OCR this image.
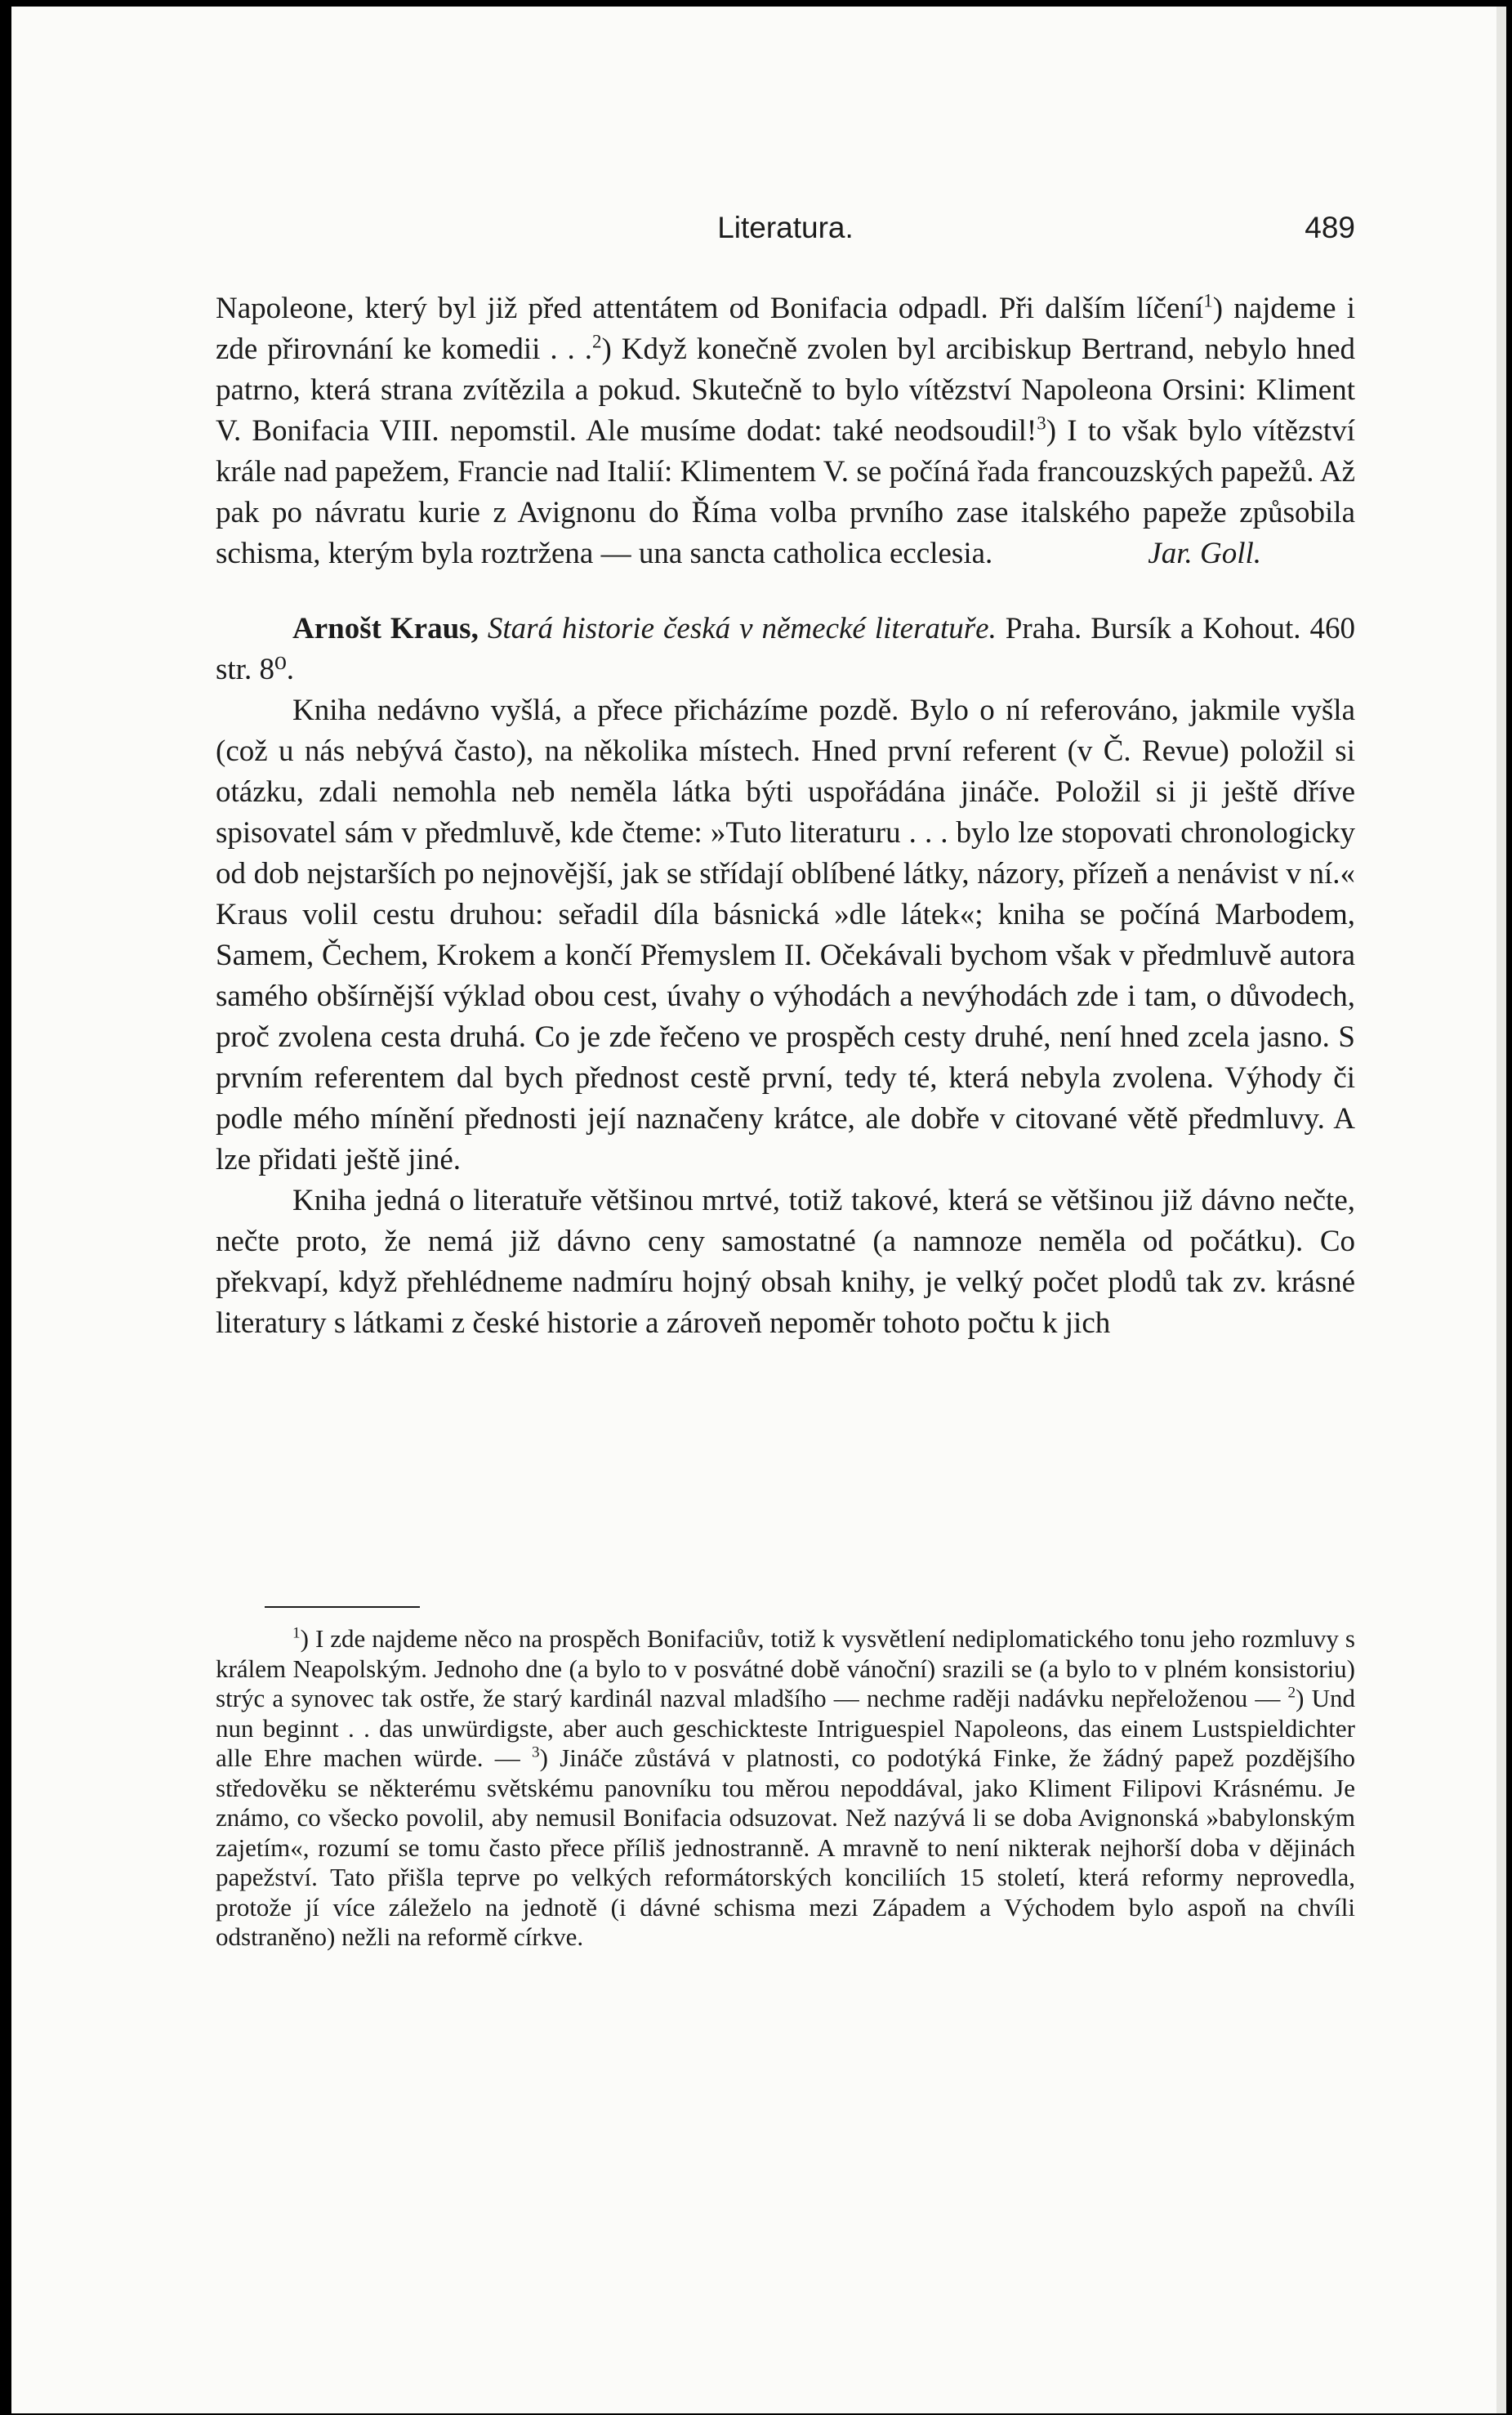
Literatura.	489

Napoleone, který byl již před attentátem od Bonifacia odpadl. Při dalším líčení$^1$) najdeme i zde přirovnání ke komedii . . .$^2$) Když konečně zvolen byl arcibiskup Bertrand, nebylo hned patrno, která strana zvítězila a pokud. Skutečně to bylo vítězství Napoleona Orsini: Kliment V. Bonifacia VIII. nepomstil. Ale musíme dodat: také neodsoudil!$^3$) I to však bylo vítězství krále nad papežem, Francie nad Italií: Klimentem V. se počíná řada francouzských papežů. Až pak po návratu kurie z Avignonu do Říma volba prvního zase italského papeže způsobila schisma, kterým byla roztržena — una sancta catholica ecclesia.	Jar. Goll.

Arnošt Kraus, Stará historie česká v německé literatuře. Praha. Bursík a Kohout. 460 str. 8⁰.

Kniha nedávno vyšlá, a přece přicházíme pozdě. Bylo o ní referováno, jakmile vyšla (což u nás nebývá často), na několika místech. Hned první referent (v Č. Revue) položil si otázku, zdali nemohla neb neměla látka býti uspořádána jináče. Položil si ji ještě dříve spisovatel sám v předmluvě, kde čteme: »Tuto literaturu . . . bylo lze stopovati chronologicky od dob nejstarších po nejnovější, jak se střídají oblíbené látky, názory, přízeň a nenávist v ní.« Kraus volil cestu druhou: seřadil díla básnická »dle látek«; kniha se počíná Marbodem, Samem, Čechem, Krokem a končí Přemyslem II. Očekávali bychom však v předmluvě autora samého obšírnější výklad obou cest, úvahy o výhodách a nevýhodách zde i tam, o důvodech, proč zvolena cesta druhá. Co je zde řečeno ve prospěch cesty druhé, není hned zcela jasno. S prvním referentem dal bych přednost cestě první, tedy té, která nebyla zvolena. Výhody či podle mého mínění přednosti její naznačeny krátce, ale dobře v citované větě předmluvy. A lze přidati ještě jiné.

Kniha jedná o literatuře většinou mrtvé, totiž takové, která se většinou již dávno nečte, nečte proto, že nemá již dávno ceny samostatné (a namnoze neměla od počátku). Co překvapí, když přehlédneme nadmíru hojný obsah knihy, je velký počet plodů tak zv. krásné literatury s látkami z české historie a zároveň nepoměr tohoto počtu k jich

$^1$) I zde najdeme něco na prospěch Bonifaciův, totiž k vysvětlení nediplomatického tonu jeho rozmluvy s králem Neapolským. Jednoho dne (a bylo to v posvátné době vánoční) srazili se (a bylo to v plném konsistoriu) strýc a synovec tak ostře, že starý kardinál nazval mladšího — nechme raději nadávku nepřeloženou — $^2$) Und nun beginnt . . das unwürdigste, aber auch geschickteste Intriguespiel Napoleons, das einem Lustspieldichter alle Ehre machen würde. — $^3$) Jináče zůstává v platnosti, co podotýká Finke, že žádný papež pozdějšího středověku se některému světskému panovníku tou měrou nepoddával, jako Kliment Filipovi Krásnému. Je známo, co všecko povolil, aby nemusil Bonifacia odsuzovat. Než nazývá li se doba Avignonská »babylonským zajetím«, rozumí se tomu často přece příliš jednostranně. A mravně to není nikterak nejhorší doba v dějinách papežství. Tato přišla teprve po velkých reformátorských konciliích 15 století, která reformy neprovedla, protože jí více záleželo na jednotě (i dávné schisma mezi Západem a Východem bylo aspoň na chvíli odstraněno) nežli na reformě církve.
